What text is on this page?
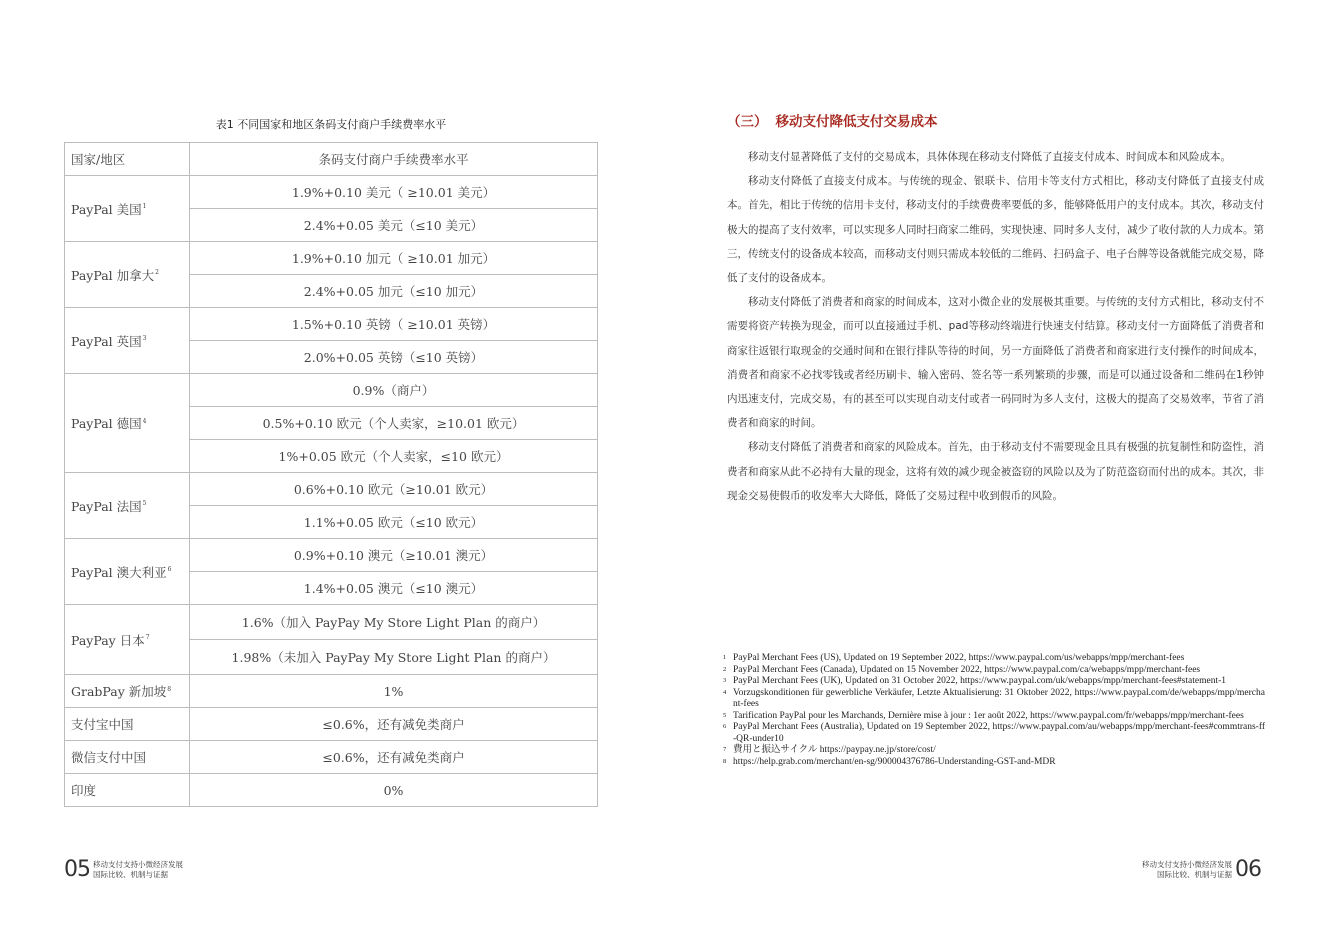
表1 不同国家和地区条码支付商户手续费率水平
国家/地区	条码支付商户手续费率水平
PayPal 美国$^1$	1.9%+0.10 美元（ ≥10.01 美元）
	2.4%+0.05 美元（≤10 美元）
PayPal 加拿大$^2$	1.9%+0.10 加元（ ≥10.01 加元）
	2.4%+0.05 加元（≤10 加元）
PayPal 英国$^3$	1.5%+0.10 英镑（ ≥10.01 英镑）
	2.0%+0.05 英镑（≤10 英镑）
PayPal 德国$^4$	0.9%（商户）
	0.5%+0.10 欧元（个人卖家，≥10.01 欧元）
	1%+0.05 欧元（个人卖家，≤10 欧元）
PayPal 法国$^5$	0.6%+0.10 欧元（≥10.01 欧元）
	1.1%+0.05 欧元（≤10 欧元）
PayPal 澳大利亚$^6$	0.9%+0.10 澳元（≥10.01 澳元）
	1.4%+0.05 澳元（≤10 澳元）
PayPay 日本$^7$	1.6%（加入 PayPay My Store Light Plan 的商户）
	1.98%（未加入 PayPay My Store Light Plan 的商户）
GrabPay 新加坡$^8$	1%
支付宝中国	≤0.6%，还有减免类商户
微信支付中国	≤0.6%，还有减免类商户
印度	0%
05 移动支付支持小微经济发展
国际比较、机制与证据
（三） 移动支付降低支付交易成本

移动支付显著降低了支付的交易成本，具体体现在移动支付降低了直接支付成本、时间成本和风险成本。

移动支付降低了直接支付成本。与传统的现金、银联卡、信用卡等支付方式相比，移动支付降低了直接支付成本。首先，相比于传统的信用卡支付，移动支付的手续费费率要低的多，能够降低用户的支付成本。其次，移动支付极大的提高了支付效率，可以实现多人同时扫商家二维码，实现快速、同时多人支付，减少了收付款的人力成本。第三，传统支付的设备成本较高，而移动支付则只需成本较低的二维码、扫码盒子、电子台牌等设备就能完成交易，降低了支付的设备成本。

移动支付降低了消费者和商家的时间成本，这对小微企业的发展极其重要。与传统的支付方式相比，移动支付不需要将资产转换为现金，而可以直接通过手机、pad等移动终端进行快速支付结算。移动支付一方面降低了消费者和商家往返银行取现金的交通时间和在银行排队等待的时间，另一方面降低了消费者和商家进行支付操作的时间成本，消费者和商家不必找零钱或者经历刷卡、输入密码、签名等一系列繁琐的步骤，而是可以通过设备和二维码在1秒钟内迅速支付，完成交易，有的甚至可以实现自动支付或者一码同时为多人支付，这极大的提高了交易效率，节省了消费者和商家的时间。

移动支付降低了消费者和商家的风险成本。首先，由于移动支付不需要现金且具有极强的抗复制性和防盗性，消费者和商家从此不必持有大量的现金，这将有效的减少现金被盗窃的风险以及为了防范盗窃而付出的成本。其次，非现金交易使假币的收发率大大降低，降低了交易过程中收到假币的风险。

1 PayPal Merchant Fees (US), Updated on 19 September 2022, https://www.paypal.com/us/webapps/mpp/merchant-fees
2 PayPal Merchant Fees (Canada), Updated on 15 November 2022, https://www.paypal.com/ca/webapps/mpp/merchant-fees
3 PayPal Merchant Fees (UK), Updated on 31 October 2022, https://www.paypal.com/uk/webapps/mpp/merchant-fees#statement-1
4 Vorzugskonditionen für gewerbliche Verkäufer, Letzte Aktualisierung: 31 Oktober 2022, https://www.paypal.com/de/webapps/mpp/merchant-fees
5 Tarification PayPal pour les Marchands, Dernière mise à jour : 1er août 2022, https://www.paypal.com/fr/webapps/mpp/merchant-fees
6 PayPal Merchant Fees (Australia), Updated on 19 September 2022, https://www.paypal.com/au/webapps/mpp/merchant-fees#commtrans-ff-QR-under10
7 費用と振込サイクル https://paypay.ne.jp/store/cost/
8 https://help.grab.com/merchant/en-sg/900004376786-Understanding-GST-and-MDR
移动支付支持小微经济发展
国际比较、机制与证据 06
